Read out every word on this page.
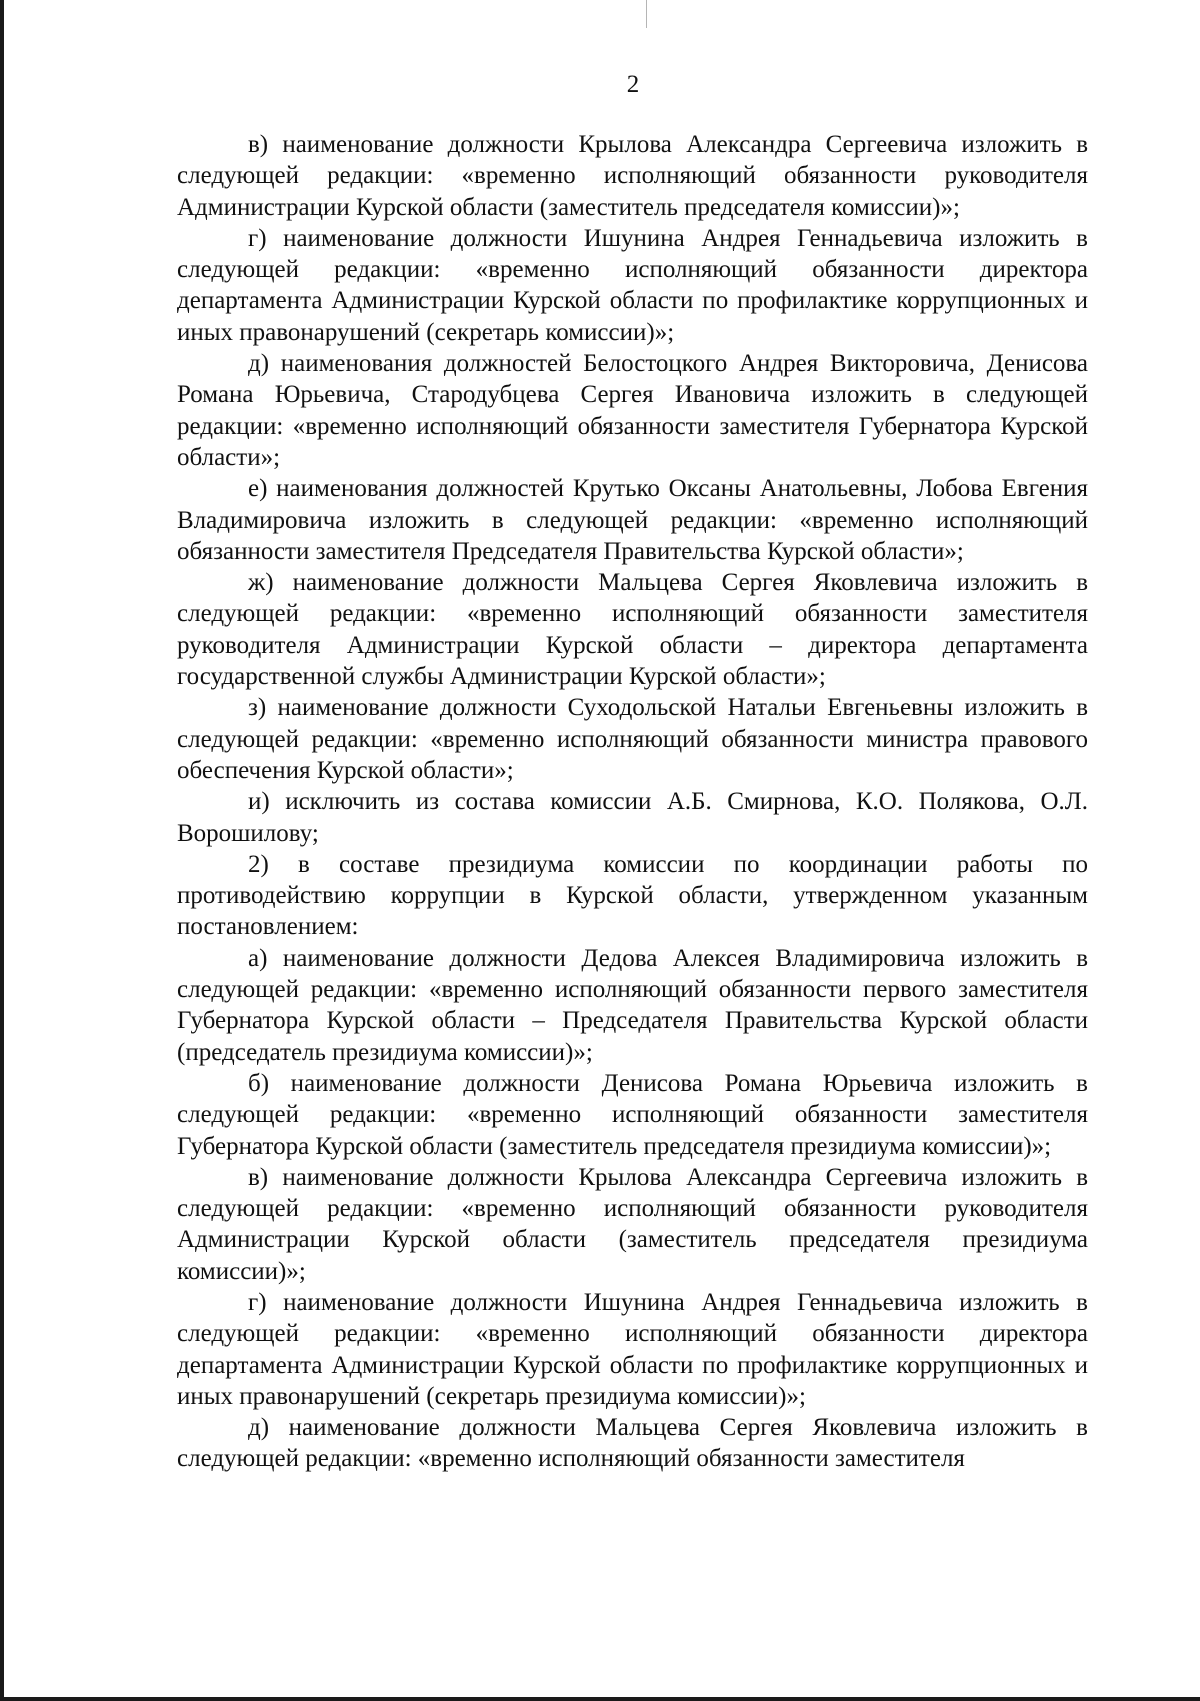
2

в) наименование должности Крылова Александра Сергеевича изложить в следующей редакции: «временно исполняющий обязанности руководителя Администрации Курской области (заместитель председателя комиссии)»;

г) наименование должности Ишунина Андрея Геннадьевича изложить в следующей редакции: «временно исполняющий обязанности директора департамента Администрации Курской области по профилактике коррупционных и иных правонарушений (секретарь комиссии)»;

д) наименования должностей Белостоцкого Андрея Викторовича, Денисова Романа Юрьевича, Стародубцева Сергея Ивановича изложить в следующей редакции: «временно исполняющий обязанности заместителя Губернатора Курской области»;

е) наименования должностей Крутько Оксаны Анатольевны, Лобова Евгения Владимировича изложить в следующей редакции: «временно исполняющий обязанности заместителя Председателя Правительства Курской области»;

ж) наименование должности Мальцева Сергея Яковлевича изложить в следующей редакции: «временно исполняющий обязанности заместителя руководителя Администрации Курской области – директора департамента государственной службы Администрации Курской области»;

з) наименование должности Суходольской Натальи Евгеньевны изложить в следующей редакции: «временно исполняющий обязанности министра правового обеспечения Курской области»;

и) исключить из состава комиссии А.Б. Смирнова, К.О. Полякова, О.Л. Ворошилову;

2) в составе президиума комиссии по координации работы по противодействию коррупции в Курской области, утвержденном указанным постановлением:

а) наименование должности Дедова Алексея Владимировича изложить в следующей редакции: «временно исполняющий обязанности первого заместителя Губернатора Курской области – Председателя Правительства Курской области (председатель президиума комиссии)»;

б) наименование должности Денисова Романа Юрьевича изложить в следующей редакции: «временно исполняющий обязанности заместителя Губернатора Курской области (заместитель председателя президиума комиссии)»;

в) наименование должности Крылова Александра Сергеевича изложить в следующей редакции: «временно исполняющий обязанности руководителя Администрации Курской области (заместитель председателя президиума комиссии)»;

г) наименование должности Ишунина Андрея Геннадьевича изложить в следующей редакции: «временно исполняющий обязанности директора департамента Администрации Курской области по профилактике коррупционных и иных правонарушений (секретарь президиума комиссии)»;

д) наименование должности Мальцева Сергея Яковлевича изложить в следующей редакции: «временно исполняющий обязанности заместителя
